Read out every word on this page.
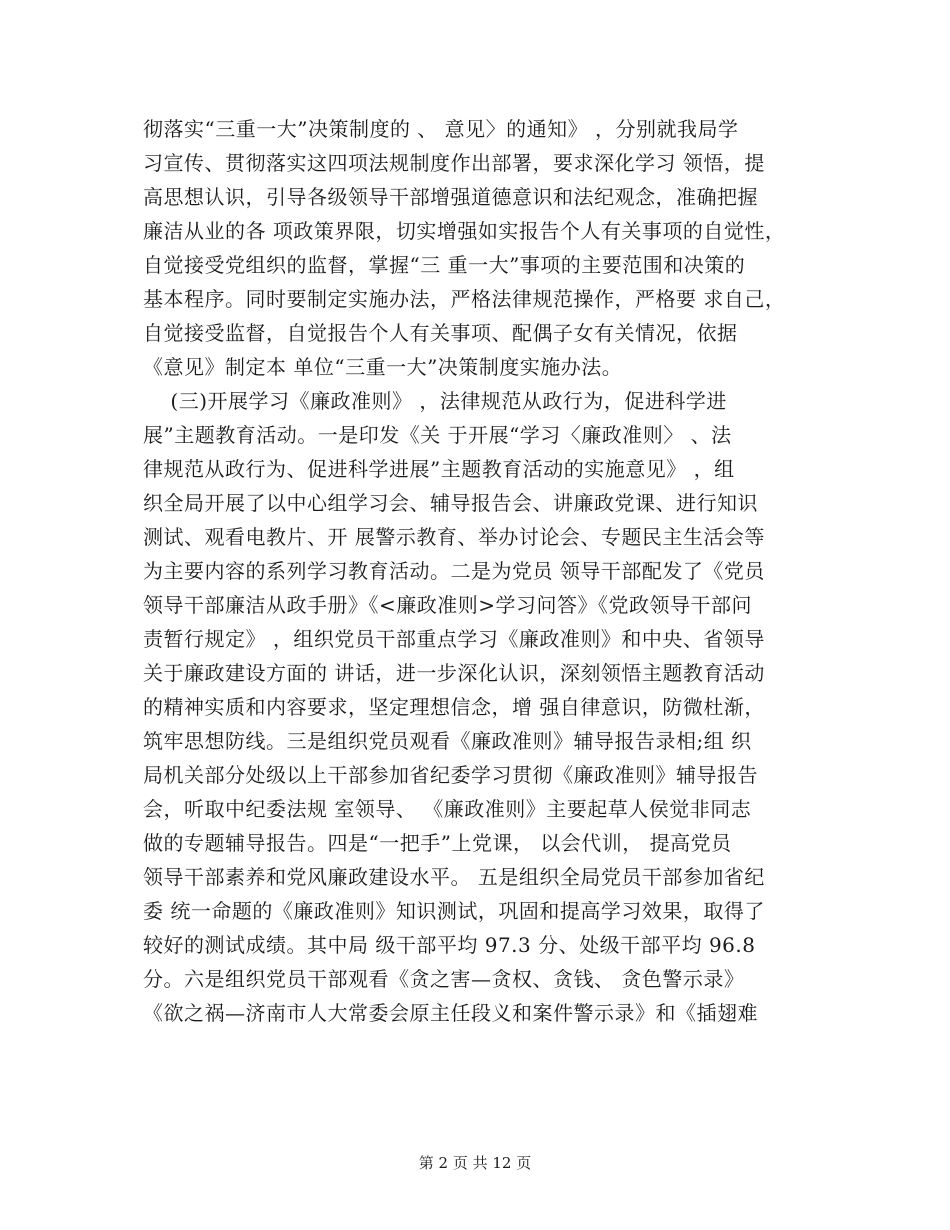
彻落实“三重一大”决策制度的 、 意见〉的通知》 ，分别就我局学
习宣传、贯彻落实这四项法规制度作出部署，要求深化学习 领悟，提
高思想认识，引导各级领导干部增强道德意识和法纪观念，准确把握
廉洁从业的各 项政策界限，切实增强如实报告个人有关事项的自觉性，
自觉接受党组织的监督，掌握“三 重一大”事项的主要范围和决策的
基本程序。同时要制定实施办法，严格法律规范操作，严格要 求自己，
自觉接受监督，自觉报告个人有关事项、配偶子女有关情况，依据
《意见》制定本 单位“三重一大”决策制度实施办法。
(三)开展学习《廉政准则》 ，法律规范从政行为，促进科学进
展”主题教育活动。一是印发《关 于开展“学习〈廉政准则〉 、法
律规范从政行为、促进科学进展”主题教育活动的实施意见》 ，组
织全局开展了以中心组学习会、辅导报告会、讲廉政党课、进行知识
测试、观看电教片、开 展警示教育、举办讨论会、专题民主生活会等
为主要内容的系列学习教育活动。二是为党员 领导干部配发了《党员
领导干部廉洁从政手册》《<廉政准则>学习问答》《党政领导干部问
责暂行规定》 ，组织党员干部重点学习《廉政准则》和中央、省领导
关于廉政建设方面的 讲话，进一步深化认识，深刻领悟主题教育活动
的精神实质和内容要求，坚定理想信念，增 强自律意识，防微杜渐，
筑牢思想防线。三是组织党员观看《廉政准则》辅导报告录相;组 织
局机关部分处级以上干部参加省纪委学习贯彻《廉政准则》辅导报告
会，听取中纪委法规 室领导、 《廉政准则》主要起草人侯觉非同志
做的专题辅导报告。四是“一把手”上党课， 以会代训， 提高党员
领导干部素养和党风廉政建设水平。 五是组织全局党员干部参加省纪
委 统一命题的《廉政准则》知识测试，巩固和提高学习效果，取得了
较好的测试成绩。其中局 级干部平均 97.3 分、处级干部平均 96.8
分。六是组织党员干部观看《贪之害—贪权、贪钱、 贪色警示录》
《欲之祸—济南市人大常委会原主任段义和案件警示录》和《插翅难
第 2 页 共 12 页
